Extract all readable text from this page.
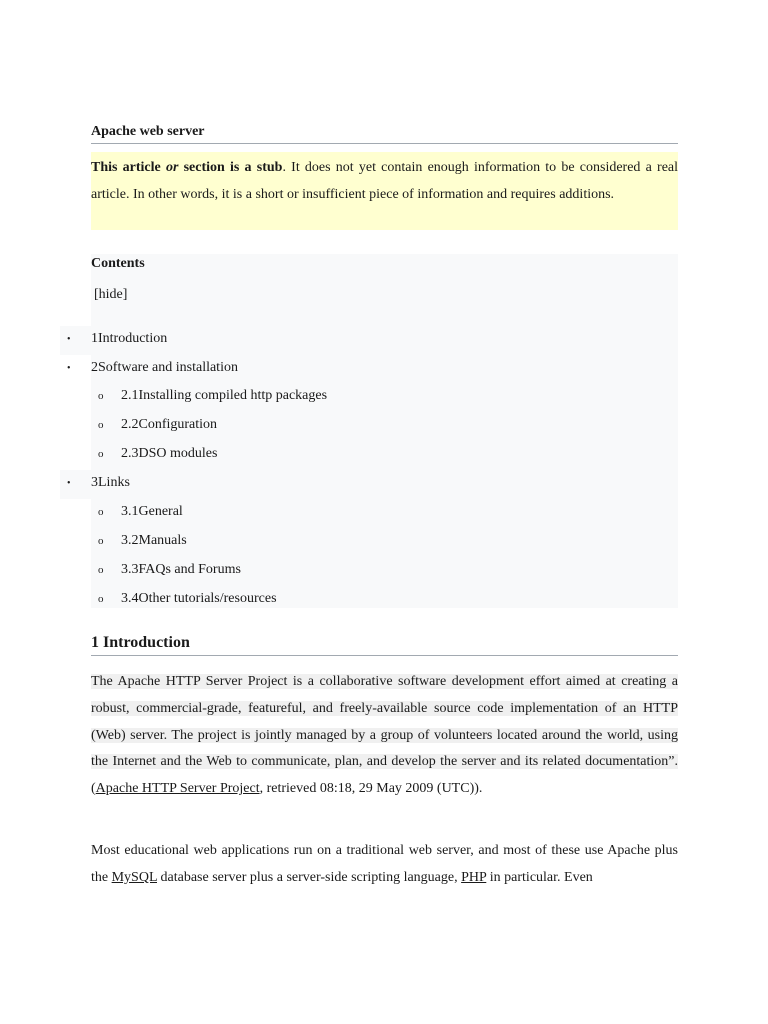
Apache web server
This article or section is a stub. It does not yet contain enough information to be considered a real article. In other words, it is a short or insufficient piece of information and requires additions.
Contents
[hide]
• 1Introduction
• 2Software and installation
o 2.1Installing compiled http packages
o 2.2Configuration
o 2.3DSO modules
• 3Links
o 3.1General
o 3.2Manuals
o 3.3FAQs and Forums
o 3.4Other tutorials/resources
1 Introduction
The Apache HTTP Server Project is a collaborative software development effort aimed at creating a robust, commercial-grade, featureful, and freely-available source code implementation of an HTTP (Web) server. The project is jointly managed by a group of volunteers located around the world, using the Internet and the Web to communicate, plan, and develop the server and its related documentation”. (Apache HTTP Server Project, retrieved 08:18, 29 May 2009 (UTC)).
Most educational web applications run on a traditional web server, and most of these use Apache plus the MySQL database server plus a server-side scripting language, PHP in particular. Even
